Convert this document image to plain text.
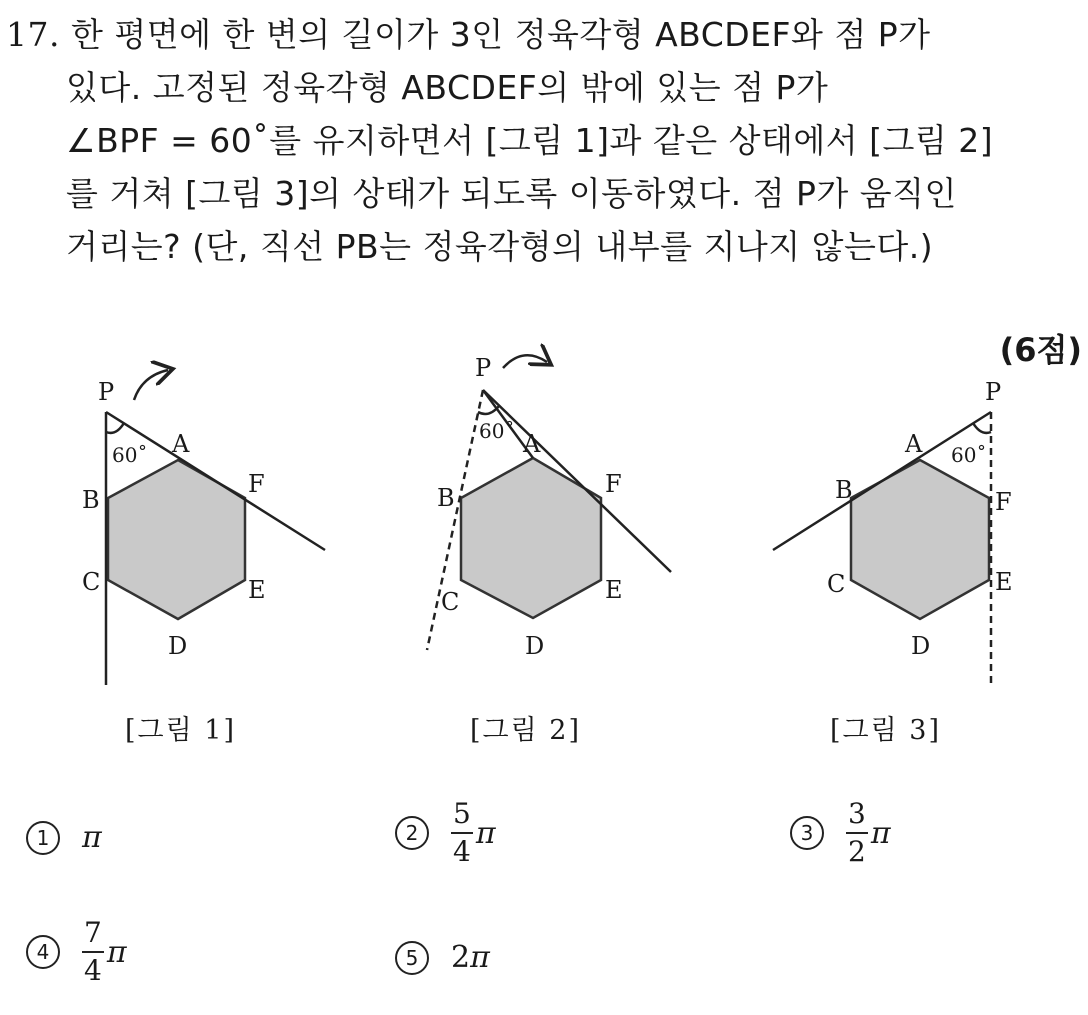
17. 한 평면에 한 변의 길이가 3인 정육각형 ABCDEF와 점 P가
있다. 고정된 정육각형 ABCDEF의 밖에 있는 점 P가
∠BPF = 60˚를 유지하면서 [그림 1]과 같은 상태에서 [그림 2]
를 거쳐 [그림 3]의 상태가 되도록 이동하였다. 점 P가 움직인
거리는? (단, 직선 PB는 정육각형의 내부를 지나지 않는다.)
(6점)
P
60˚ A
B
F
C	E
D
[그림 1]
P
60˚ A
B	F
C	E
D
[그림 2]
P
60˚
A
B	F
C	E
D
[그림 3]
1	π	2	$\frac{5}{4}$ π	3	$\frac{3}{2}$ π
4	$\frac{7}{4}$ π	5	2 π
